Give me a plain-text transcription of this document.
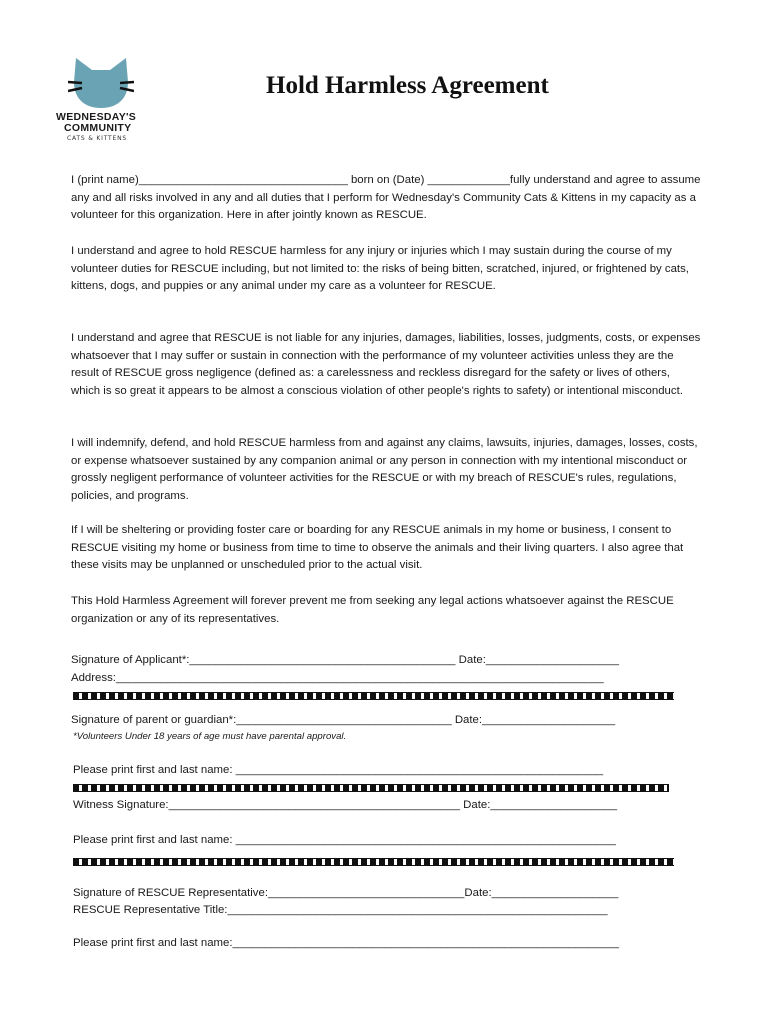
WEDNESDAY'S
COMMUNITY
CATS & KITTENS
Hold Harmless Agreement

I (print name)_________________________________ born on (Date) _____________fully understand and agree to assume any and all risks involved in any and all duties that I perform for Wednesday's Community Cats & Kittens in my capacity as a volunteer for this organization. Here in after jointly known as RESCUE.

I understand and agree to hold RESCUE harmless for any injury or injuries which I may sustain during the course of my volunteer duties for RESCUE including, but not limited to: the risks of being bitten, scratched, injured, or frightened by cats, kittens, dogs, and puppies or any animal under my care as a volunteer for RESCUE.

I understand and agree that RESCUE is not liable for any injuries, damages, liabilities, losses, judgments, costs, or expenses whatsoever that I may suffer or sustain in connection with the performance of my volunteer activities unless they are the result of RESCUE gross negligence (defined as: a carelessness and reckless disregard for the safety or lives of others, which is so great it appears to be almost a conscious violation of other people's rights to safety) or intentional misconduct.

I will indemnify, defend, and hold RESCUE harmless from and against any claims, lawsuits, injuries, damages, losses, costs, or expense whatsoever sustained by any companion animal or any person in connection with my intentional misconduct or grossly negligent performance of volunteer activities for the RESCUE or with my breach of RESCUE's rules, regulations, policies, and programs.

If I will be sheltering or providing foster care or boarding for any RESCUE animals in my home or business, I consent to RESCUE visiting my home or business from time to time to observe the animals and their living quarters. I also agree that these visits may be unplanned or unscheduled prior to the actual visit.

This Hold Harmless Agreement will forever prevent me from seeking any legal actions whatsoever against the RESCUE organization or any of its representatives.

Signature of Applicant*:__________________________________________ Date:_____________________

Address:_____________________________________________________________________________

Signature of parent or guardian*:__________________________________ Date:_____________________

*Volunteers Under 18 years of age must have parental approval.

Please print first and last name: __________________________________________________________

Witness Signature:______________________________________________ Date:____________________

Please print first and last name: ____________________________________________________________

Signature of RESCUE Representative:_______________________________Date:____________________

RESCUE Representative Title:____________________________________________________________

Please print first and last name:_____________________________________________________________
